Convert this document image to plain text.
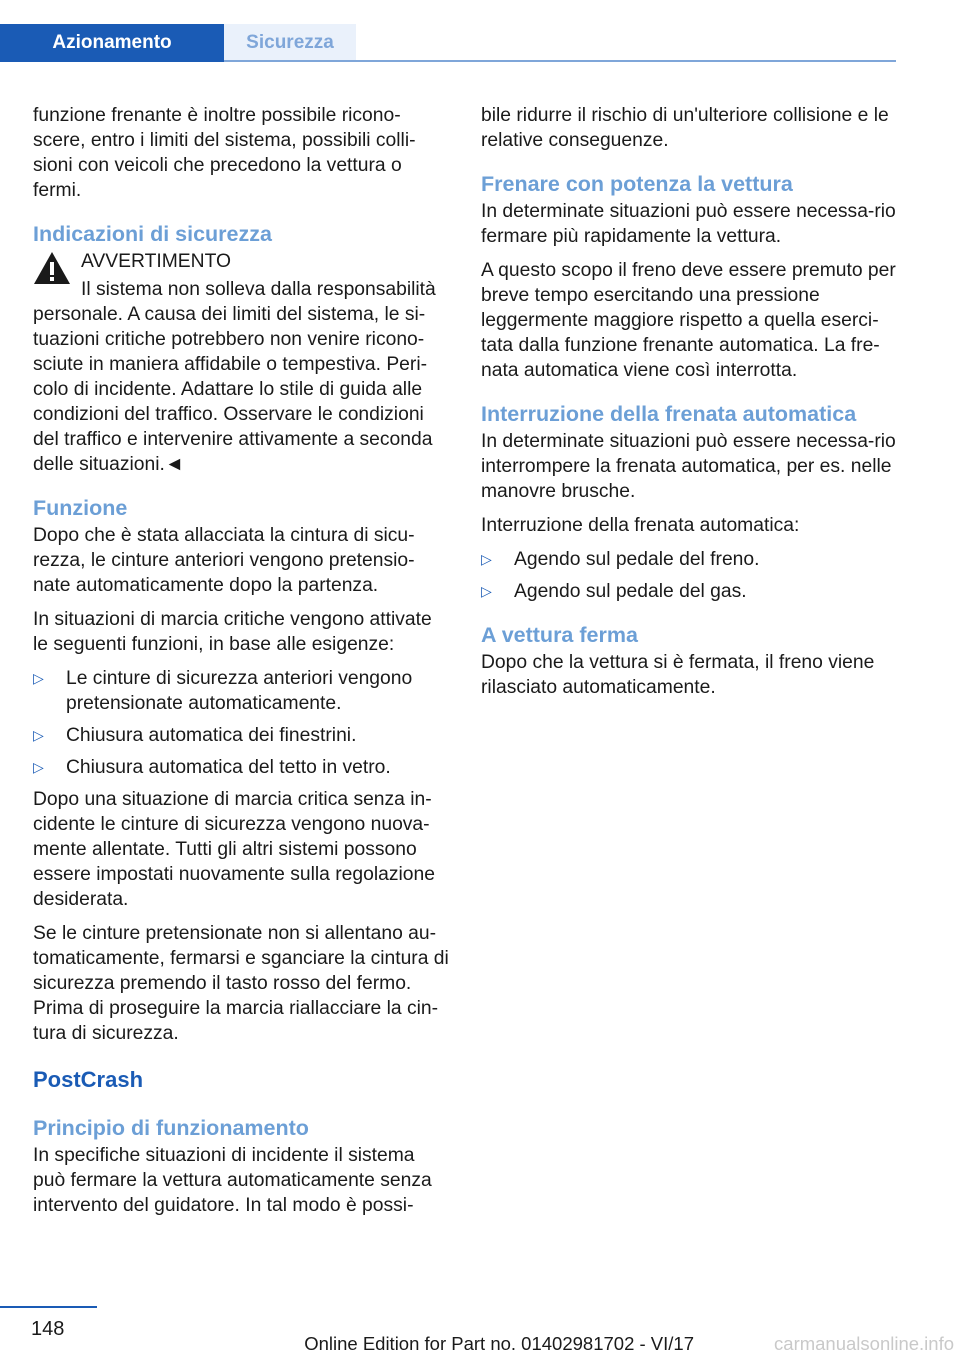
Azionamento	Sicurezza

funzione frenante è inoltre possibile ricono-scere, entro i limiti del sistema, possibili colli-sioni con veicoli che precedono la vettura o fermi.

Indicazioni di sicurezza
AVVERTIMENTO

Il sistema non solleva dalla responsabilità personale. A causa dei limiti del sistema, le si-tuazioni critiche potrebbero non venire ricono-sciute in maniera affidabile o tempestiva. Peri-colo di incidente. Adattare lo stile di guida alle condizioni del traffico. Osservare le condizioni del traffico e intervenire attivamente a seconda delle situazioni.◄

Funzione

Dopo che è stata allacciata la cintura di sicu-rezza, le cinture anteriori vengono pretensio-nate automaticamente dopo la partenza.

In situazioni di marcia critiche vengono attivate le seguenti funzioni, in base alle esigenze:

▷ Le cinture di sicurezza anteriori vengono pretensionate automaticamente.
▷ Chiusura automatica dei finestrini.
▷ Chiusura automatica del tetto in vetro.

Dopo una situazione di marcia critica senza in-cidente le cinture di sicurezza vengono nuova-mente allentate. Tutti gli altri sistemi possono essere impostati nuovamente sulla regolazione desiderata.

Se le cinture pretensionate non si allentano au-tomaticamente, fermarsi e sganciare la cintura di sicurezza premendo il tasto rosso del fermo. Prima di proseguire la marcia riallacciare la cin-tura di sicurezza.

PostCrash
Principio di funzionamento

In specifiche situazioni di incidente il sistema può fermare la vettura automaticamente senza intervento del guidatore. In tal modo è possi-

bile ridurre il rischio di un'ulteriore collisione e le relative conseguenze.

Frenare con potenza la vettura

In determinate situazioni può essere necessa-rio fermare più rapidamente la vettura.

A questo scopo il freno deve essere premuto per breve tempo esercitando una pressione leggermente maggiore rispetto a quella eserci-tata dalla funzione frenante automatica. La fre-nata automatica viene così interrotta.

Interruzione della frenata automatica

In determinate situazioni può essere necessa-rio interrompere la frenata automatica, per es. nelle manovre brusche.

Interruzione della frenata automatica:

▷ Agendo sul pedale del freno.
▷ Agendo sul pedale del gas.
A vettura ferma

Dopo che la vettura si è fermata, il freno viene rilasciato automaticamente.

148
Online Edition for Part no. 01402981702 - VI/17	carmanualsonline.info
